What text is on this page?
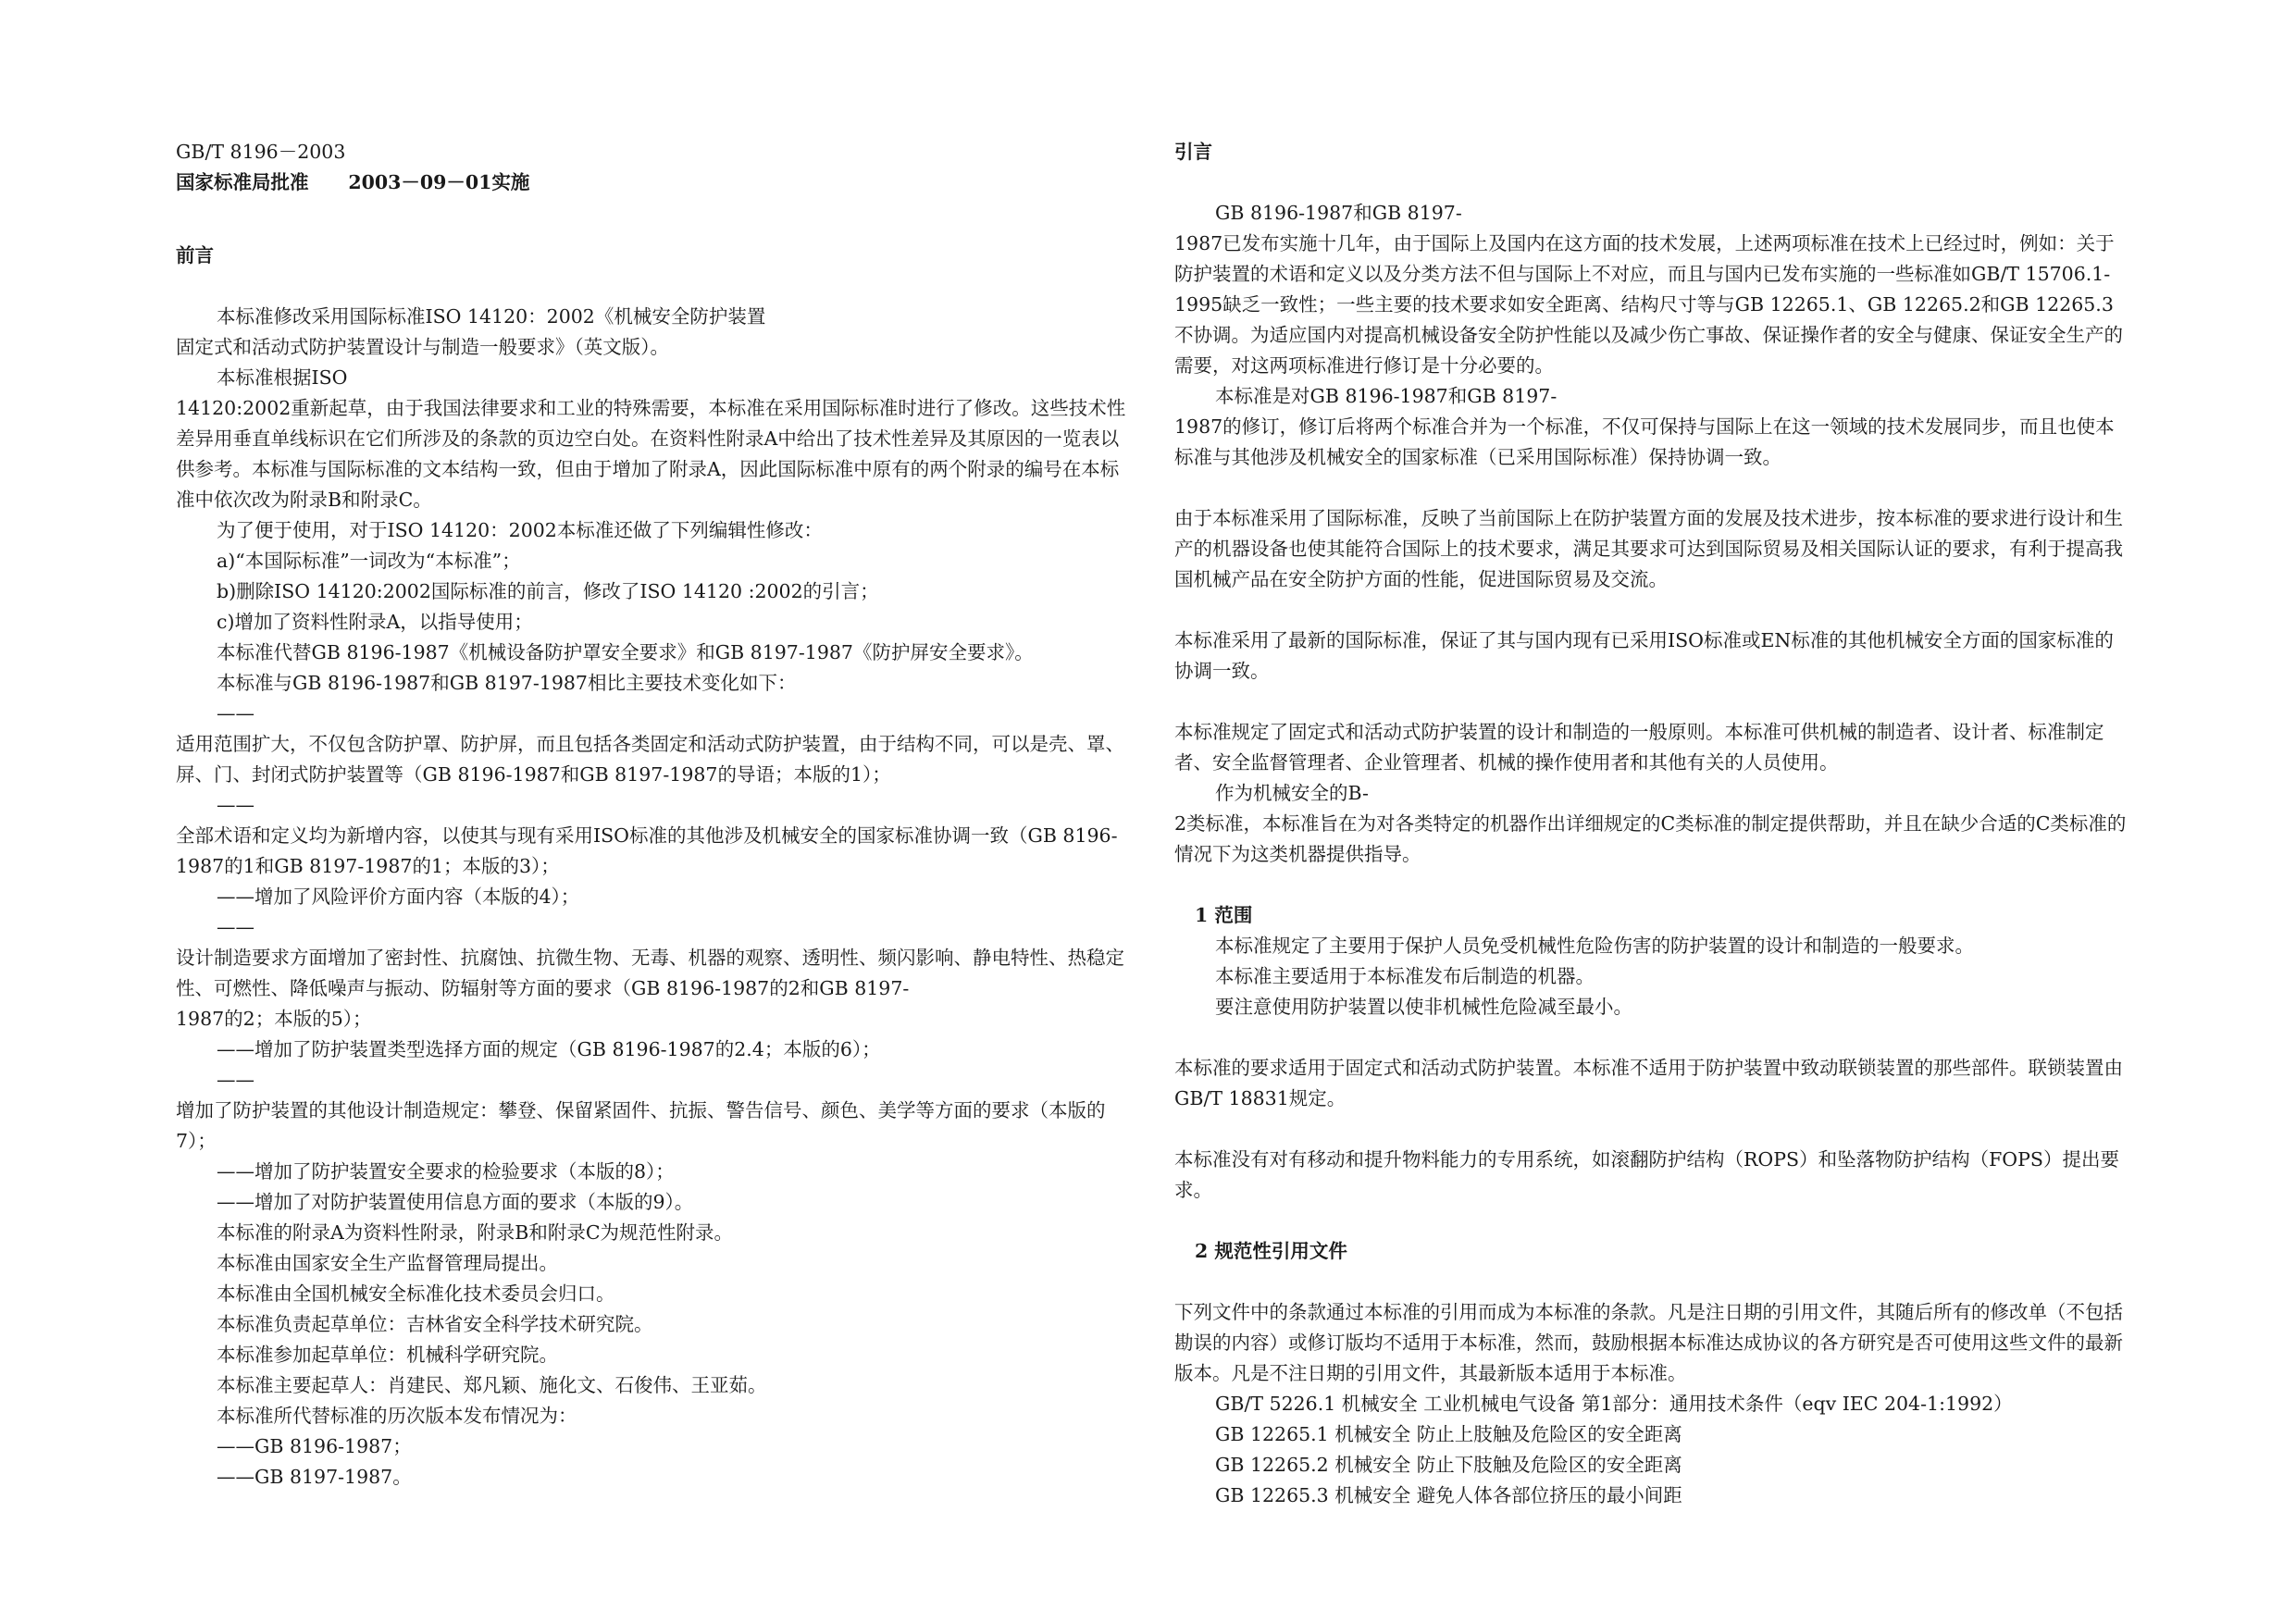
GB/T 8196－2003

国家标准局批准      2003－09－01实施

前言

本标准修改采用国际标准ISO 14120：2002《机械安全防护装置

固定式和活动式防护装置设计与制造一般要求》（英文版）。

本标准根据ISO

14120:2002重新起草，由于我国法律要求和工业的特殊需要，本标准在采用国际标准时进行了修改。这些技术性差异用垂直单线标识在它们所涉及的条款的页边空白处。在资料性附录A中给出了技术性差异及其原因的一览表以供参考。本标准与国际标准的文本结构一致，但由于增加了附录A，因此国际标准中原有的两个附录的编号在本标准中依次改为附录B和附录C。

为了便于使用，对于ISO 14120：2002本标准还做了下列编辑性修改：

a)“本国际标准”一词改为“本标准”；

b)删除ISO 14120:2002国际标准的前言，修改了ISO 14120 :2002的引言；

c)增加了资料性附录A，以指导使用；

本标准代替GB 8196-1987《机械设备防护罩安全要求》和GB 8197-1987《防护屏安全要求》。

本标准与GB 8196-1987和GB 8197-1987相比主要技术变化如下：

——

适用范围扩大，不仅包含防护罩、防护屏，而且包括各类固定和活动式防护装置，由于结构不同，可以是壳、罩、屏、门、封闭式防护装置等（GB 8196-1987和GB 8197-1987的导语；本版的1）；

——

全部术语和定义均为新增内容，以使其与现有采用ISO标准的其他涉及机械安全的国家标准协调一致（GB 8196-1987的1和GB 8197-1987的1；本版的3）；

——增加了风险评价方面内容（本版的4）；

——

设计制造要求方面增加了密封性、抗腐蚀、抗微生物、无毒、机器的观察、透明性、频闪影响、静电特性、热稳定性、可燃性、降低噪声与振动、防辐射等方面的要求（GB 8196-1987的2和GB 8197-

1987的2；本版的5）；

——增加了防护装置类型选择方面的规定（GB 8196-1987的2.4；本版的6）；

——

增加了防护装置的其他设计制造规定：攀登、保留紧固件、抗振、警告信号、颜色、美学等方面的要求（本版的7）；

——增加了防护装置安全要求的检验要求（本版的8）；

——增加了对防护装置使用信息方面的要求（本版的9）。

本标准的附录A为资料性附录，附录B和附录C为规范性附录。

本标准由国家安全生产监督管理局提出。

本标准由全国机械安全标准化技术委员会归口。

本标准负责起草单位：吉林省安全科学技术研究院。

本标准参加起草单位：机械科学研究院。

本标准主要起草人：肖建民、郑凡颖、施化文、石俊伟、王亚茹。

本标准所代替标准的历次版本发布情况为：

——GB 8196-1987；

——GB 8197-1987。

引言

GB 8196-1987和GB 8197-

1987已发布实施十几年，由于国际上及国内在这方面的技术发展，上述两项标准在技术上已经过时，例如：关于防护装置的术语和定义以及分类方法不但与国际上不对应，而且与国内已发布实施的一些标准如GB/T 15706.1-1995缺乏一致性；一些主要的技术要求如安全距离、结构尺寸等与GB 12265.1、GB 12265.2和GB 12265.3不协调。为适应国内对提高机械设备安全防护性能以及减少伤亡事故、保证操作者的安全与健康、保证安全生产的需要，对这两项标准进行修订是十分必要的。

本标准是对GB 8196-1987和GB 8197-

1987的修订，修订后将两个标准合并为一个标准，不仅可保持与国际上在这一领域的技术发展同步，而且也使本标准与其他涉及机械安全的国家标准（已采用国际标准）保持协调一致。

由于本标准采用了国际标准，反映了当前国际上在防护装置方面的发展及技术进步，按本标准的要求进行设计和生产的机器设备也使其能符合国际上的技术要求，满足其要求可达到国际贸易及相关国际认证的要求，有利于提高我国机械产品在安全防护方面的性能，促进国际贸易及交流。

本标准采用了最新的国际标准，保证了其与国内现有已采用ISO标准或EN标准的其他机械安全方面的国家标准的协调一致。

本标准规定了固定式和活动式防护装置的设计和制造的一般原则。本标准可供机械的制造者、设计者、标准制定者、安全监督管理者、企业管理者、机械的操作使用者和其他有关的人员使用。

作为机械安全的B-

2类标准，本标准旨在为对各类特定的机器作出详细规定的C类标准的制定提供帮助，并且在缺少合适的C类标准的情况下为这类机器提供指导。

1 范围

本标准规定了主要用于保护人员免受机械性危险伤害的防护装置的设计和制造的一般要求。

本标准主要适用于本标准发布后制造的机器。

要注意使用防护装置以使非机械性危险减至最小。

本标准的要求适用于固定式和活动式防护装置。本标准不适用于防护装置中致动联锁装置的那些部件。联锁装置由GB/T 18831规定。

本标准没有对有移动和提升物料能力的专用系统，如滚翻防护结构（ROPS）和坠落物防护结构（FOPS）提出要求。

2 规范性引用文件

下列文件中的条款通过本标准的引用而成为本标准的条款。凡是注日期的引用文件，其随后所有的修改单（不包括勘误的内容）或修订版均不适用于本标准，然而，鼓励根据本标准达成协议的各方研究是否可使用这些文件的最新版本。凡是不注日期的引用文件，其最新版本适用于本标准。

GB/T 5226.1 机械安全 工业机械电气设备 第1部分：通用技术条件（eqv IEC 204-1:1992）

GB 12265.1 机械安全 防止上肢触及危险区的安全距离

GB 12265.2 机械安全 防止下肢触及危险区的安全距离

GB 12265.3 机械安全 避免人体各部位挤压的最小间距
